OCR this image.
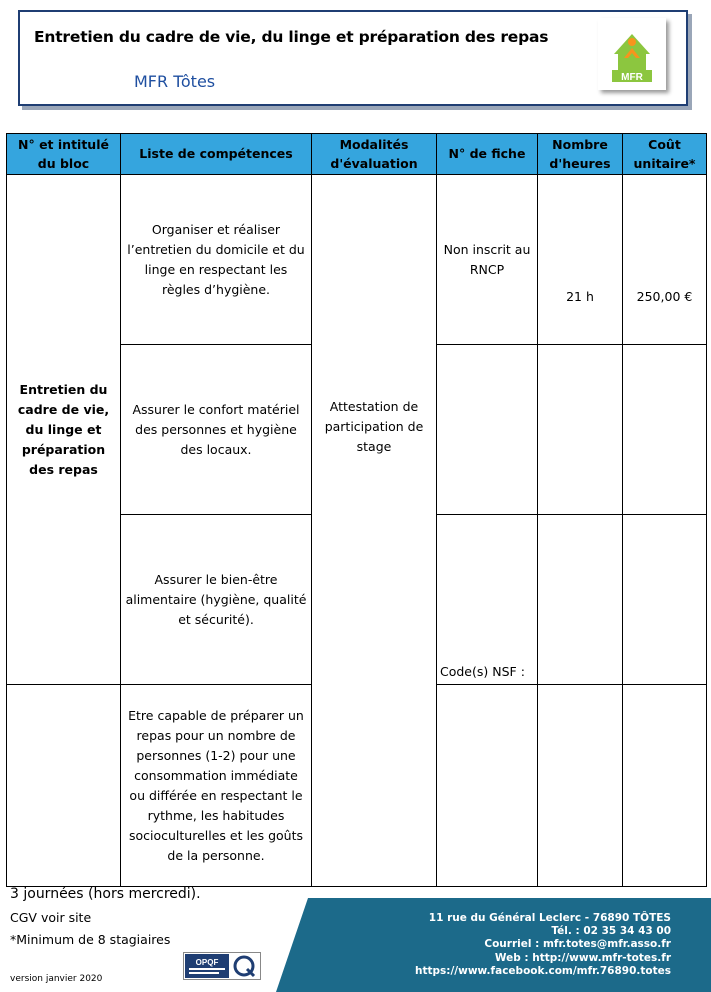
Entretien du cadre de vie, du linge et préparation des repas
MFR Tôtes	MFR
N° et intitulé du bloc	Liste de compétences	Modalités d'évaluation	N° de fiche	Nombre d'heures	Coût unitaire*
Entretien du cadre de vie, du linge et préparation des repas	Organiser et réaliser l’entretien du domicile et du linge en respectant les règles d’hygiène.	Attestation de participation de stage	Non inscrit au RNCP	21 h	250,00 €
	Assurer le confort matériel des personnes et hygiène des locaux.				
	Assurer le bien-être alimentaire (hygiène, qualité et sécurité).		Code(s) NSF :		

	Etre capable de préparer un repas pour un nombre de personnes (1-2) pour une consommation immédiate ou différée en respectant le rythme, les habitudes socioculturelles et les goûts de la personne.				
3 journées (hors mercredi).
CGV voir site
*Minimum de 8 stagiaires
version janvier 2020
OPQF
11 rue du Général Leclerc - 76890 TÔTES
Tél. : 02 35 34 43 00
Courriel : mfr.totes@mfr.asso.fr
Web : http://www.mfr-totes.fr
https://www.facebook.com/mfr.76890.totes
